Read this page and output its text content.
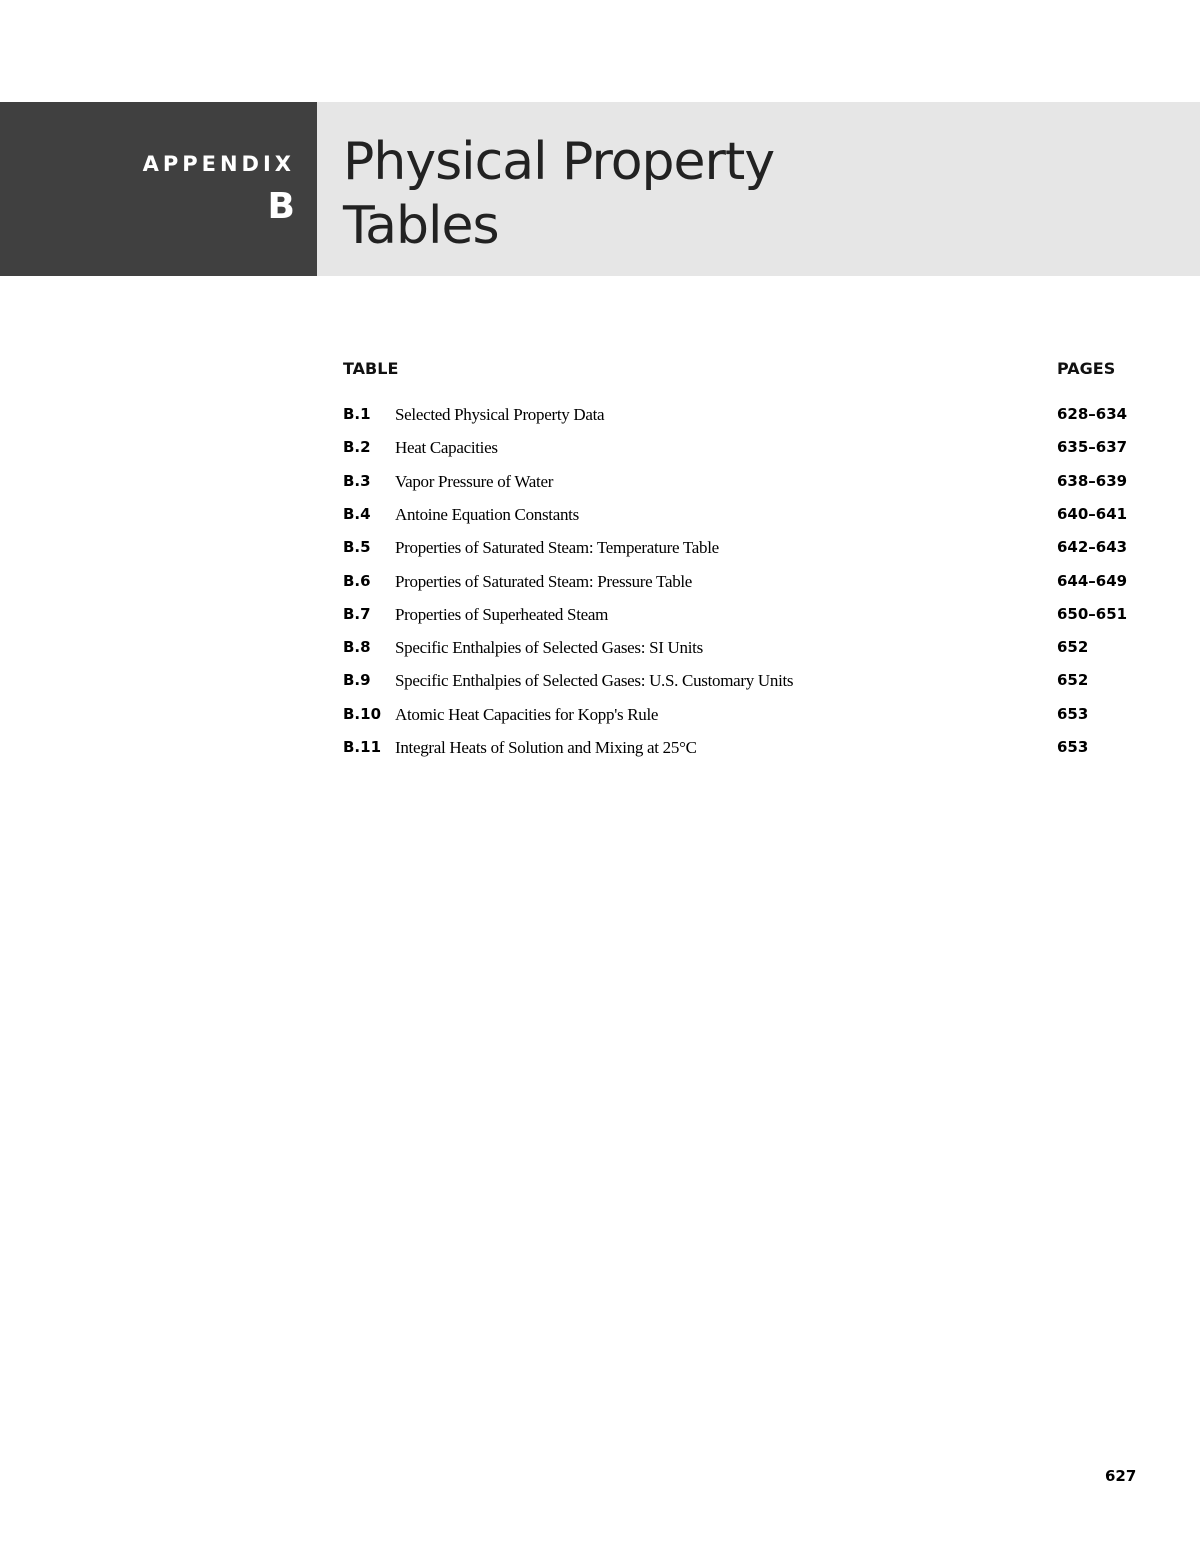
APPENDIX
B
Physical Property
Tables
TABLE	PAGES
B.1 Selected Physical Property Data	628–634
B.2 Heat Capacities	635–637
B.3 Vapor Pressure of Water	638–639
B.4 Antoine Equation Constants	640–641
B.5 Properties of Saturated Steam: Temperature Table	642–643
B.6 Properties of Saturated Steam: Pressure Table	644–649
B.7 Properties of Superheated Steam	650–651
B.8 Specific Enthalpies of Selected Gases: SI Units	652
B.9 Specific Enthalpies of Selected Gases: U.S. Customary Units	652
B.10 Atomic Heat Capacities for Kopp's Rule	653
B.11 Integral Heats of Solution and Mixing at 25°C	653
627
